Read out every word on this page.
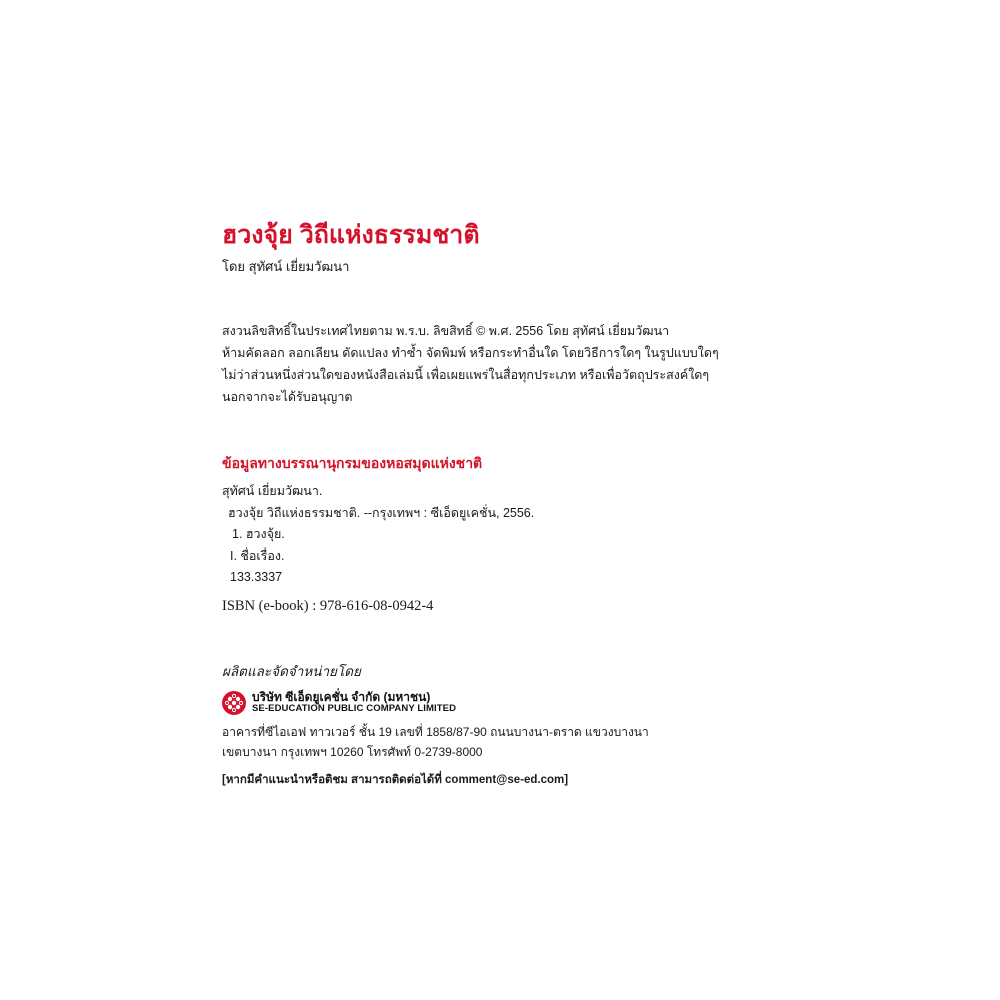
ฮวงจุ้ย วิถีแห่งธรรมชาติ
โดย สุทัศน์ เยี่ยมวัฒนา
สงวนลิขสิทธิ์ในประเทศไทยตาม พ.ร.บ. ลิขสิทธิ์ © พ.ศ. 2556 โดย สุทัศน์ เยี่ยมวัฒนา
ห้ามคัดลอก ลอกเลียน ดัดแปลง ทำซ้ำ จัดพิมพ์ หรือกระทำอื่นใด โดยวิธีการใดๆ ในรูปแบบใดๆ
ไม่ว่าส่วนหนึ่งส่วนใดของหนังสือเล่มนี้ เพื่อเผยแพร่ในสื่อทุกประเภท หรือเพื่อวัตถุประสงค์ใดๆ
นอกจากจะได้รับอนุญาต
ข้อมูลทางบรรณานุกรมของหอสมุดแห่งชาติ
สุทัศน์ เยี่ยมวัฒนา.
ฮวงจุ้ย วิถีแห่งธรรมชาติ. --กรุงเทพฯ : ซีเอ็ดยูเคชั่น, 2556.
1. ฮวงจุ้ย.
I. ชื่อเรื่อง.
133.3337
ISBN (e-book) : 978-616-08-0942-4
ผลิตและจัดจำหน่ายโดย
บริษัท ซีเอ็ดยูเคชั่น จำกัด (มหาชน)
SE-EDUCATION PUBLIC COMPANY LIMITED
อาคารที่ซีไอเอฟ ทาวเวอร์ ชั้น 19 เลขที่ 1858/87-90 ถนนบางนา-ตราด แขวงบางนา
เขตบางนา กรุงเทพฯ 10260 โทรศัพท์ 0-2739-8000
[หากมีคำแนะนำหรือติชม สามารถติดต่อได้ที่ comment@se-ed.com]
